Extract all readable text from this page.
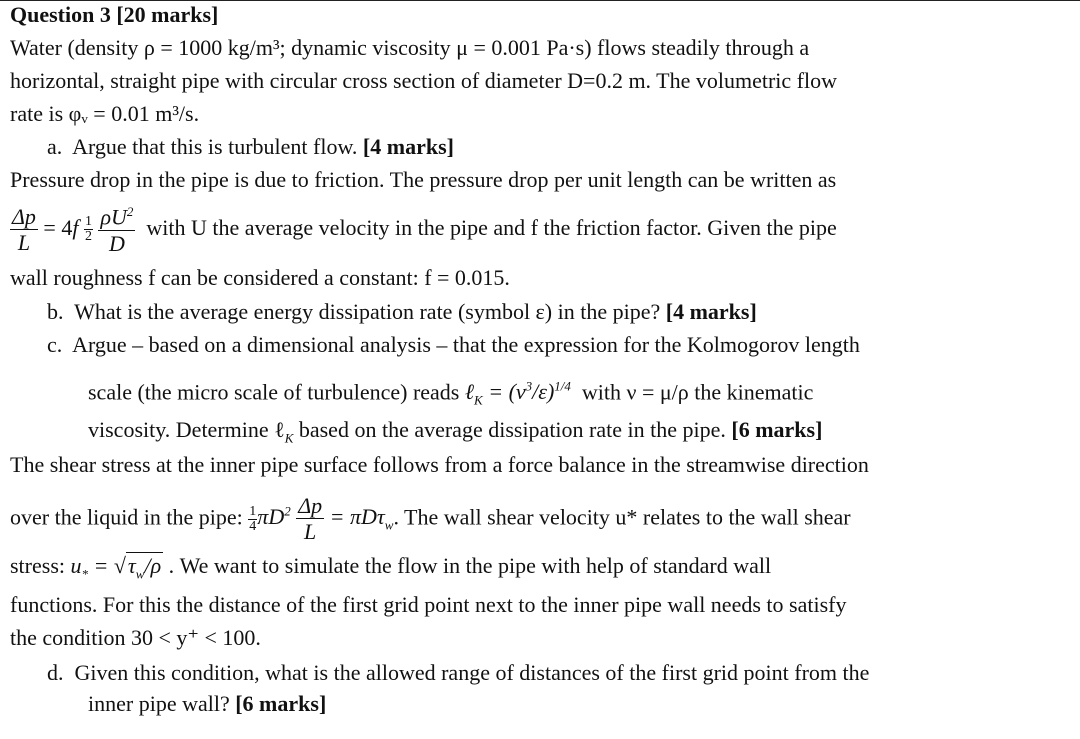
Question 3 [20 marks]
Water (density ρ = 1000 kg/m³; dynamic viscosity μ = 0.001 Pa·s) flows steadily through a
horizontal, straight pipe with circular cross section of diameter D=0.2 m. The volumetric flow
rate is φᵥ = 0.01 m³/s.
a. Argue that this is turbulent flow. [4 marks]
Pressure drop in the pipe is due to friction. The pressure drop per unit length can be written as
$\frac{\Delta p}{L} = 4f \frac{1}{2}$
$\frac{\rho U^2}{D}$ with U the average velocity in the pipe and f the friction factor. Given the pipe
wall roughness f can be considered a constant: f = 0.015.
b. What is the average energy dissipation rate (symbol ε) in the pipe? [4 marks]
c. Argue – based on a dimensional analysis – that the expression for the Kolmogorov length
scale (the micro scale of turbulence) reads ℓ$_K$ = $(\nu^3/\varepsilon)^{1/4}$ with ν = μ/ρ the kinematic
viscosity. Determine ℓ$_K$ based on the average dissipation rate in the pipe. [6 marks]
The shear stress at the inner pipe surface follows from a force balance in the streamwise direction
over the liquid in the pipe: $\frac{1}{4} \pi D^2 \frac{\Delta p}{L} = \pi D\tau_w$. The wall shear velocity u* relates to the wall shear
stress: $u_* = √\tau_w/\rho$ . We want to simulate the flow in the pipe with help of standard wall
functions. For this the distance of the first grid point next to the inner pipe wall needs to satisfy
the condition 30 < y⁺ < 100.
d. Given this condition, what is the allowed range of distances of the first grid point from the
inner pipe wall? [6 marks]
